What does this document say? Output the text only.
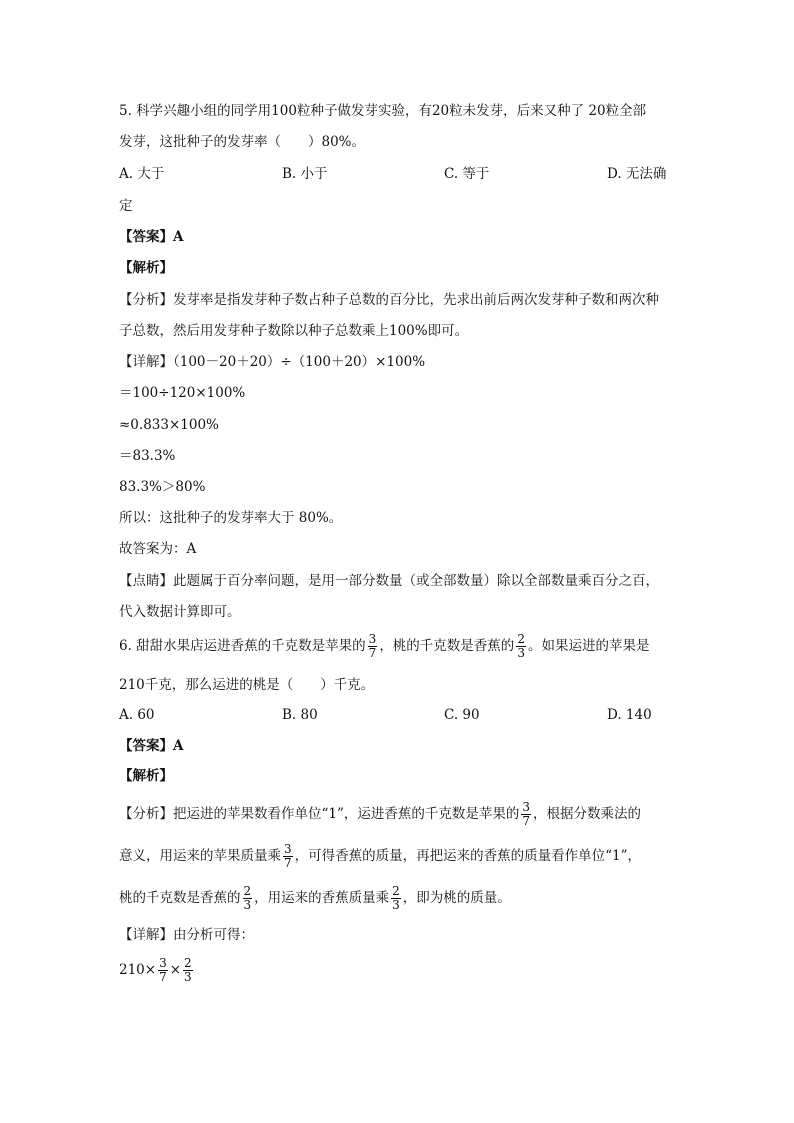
5. 科学兴趣小组的同学用100粒种子做发芽实验，有20粒未发芽，后来又种了 20粒全部
发芽，这批种子的发芽率（　　）80%。
A. 大于	B. 小于	C. 等于	D. 无法确
定
【答案】A
【解析】
【分析】发芽率是指发芽种子数占种子总数的百分比，先求出前后两次发芽种子数和两次种
子总数，然后用发芽种子数除以种子总数乘上100%即可。
【详解】（100－20＋20）÷（100＋20）×100%
＝100÷120×100%
≈0.833×100%
＝83.3%
83.3%＞80%
所以：这批种子的发芽率大于 80%。
故答案为：A
【点睛】此题属于百分率问题，是用一部分数量（或全部数量）除以全部数量乘百分之百，
代入数据计算即可。
6. 甜甜水果店运进香蕉的千克数是苹果的 $\frac{3}{7}$ ，桃的千克数是香蕉的 $\frac{2}{3}$ 。如果运进的苹果是
210千克，那么运进的桃是（　　）千克。
A. 60	B. 80	C. 90	D. 140
【答案】A
【解析】
【分析】把运进的苹果数看作单位“1”，运进香蕉的千克数是苹果的 $\frac{3}{7}$ ，根据分数乘法的
意义，用运来的苹果质量乘 $\frac{3}{7}$ ，可得香蕉的质量，再把运来的香蕉的质量看作单位“1”，
桃的千克数是香蕉的 $\frac{2}{3}$ ，用运来的香蕉质量乘 $\frac{2}{3}$ ，即为桃的质量。
【详解】由分析可得：
$210\times \frac{3}{7} \times \frac{2}{3}$
